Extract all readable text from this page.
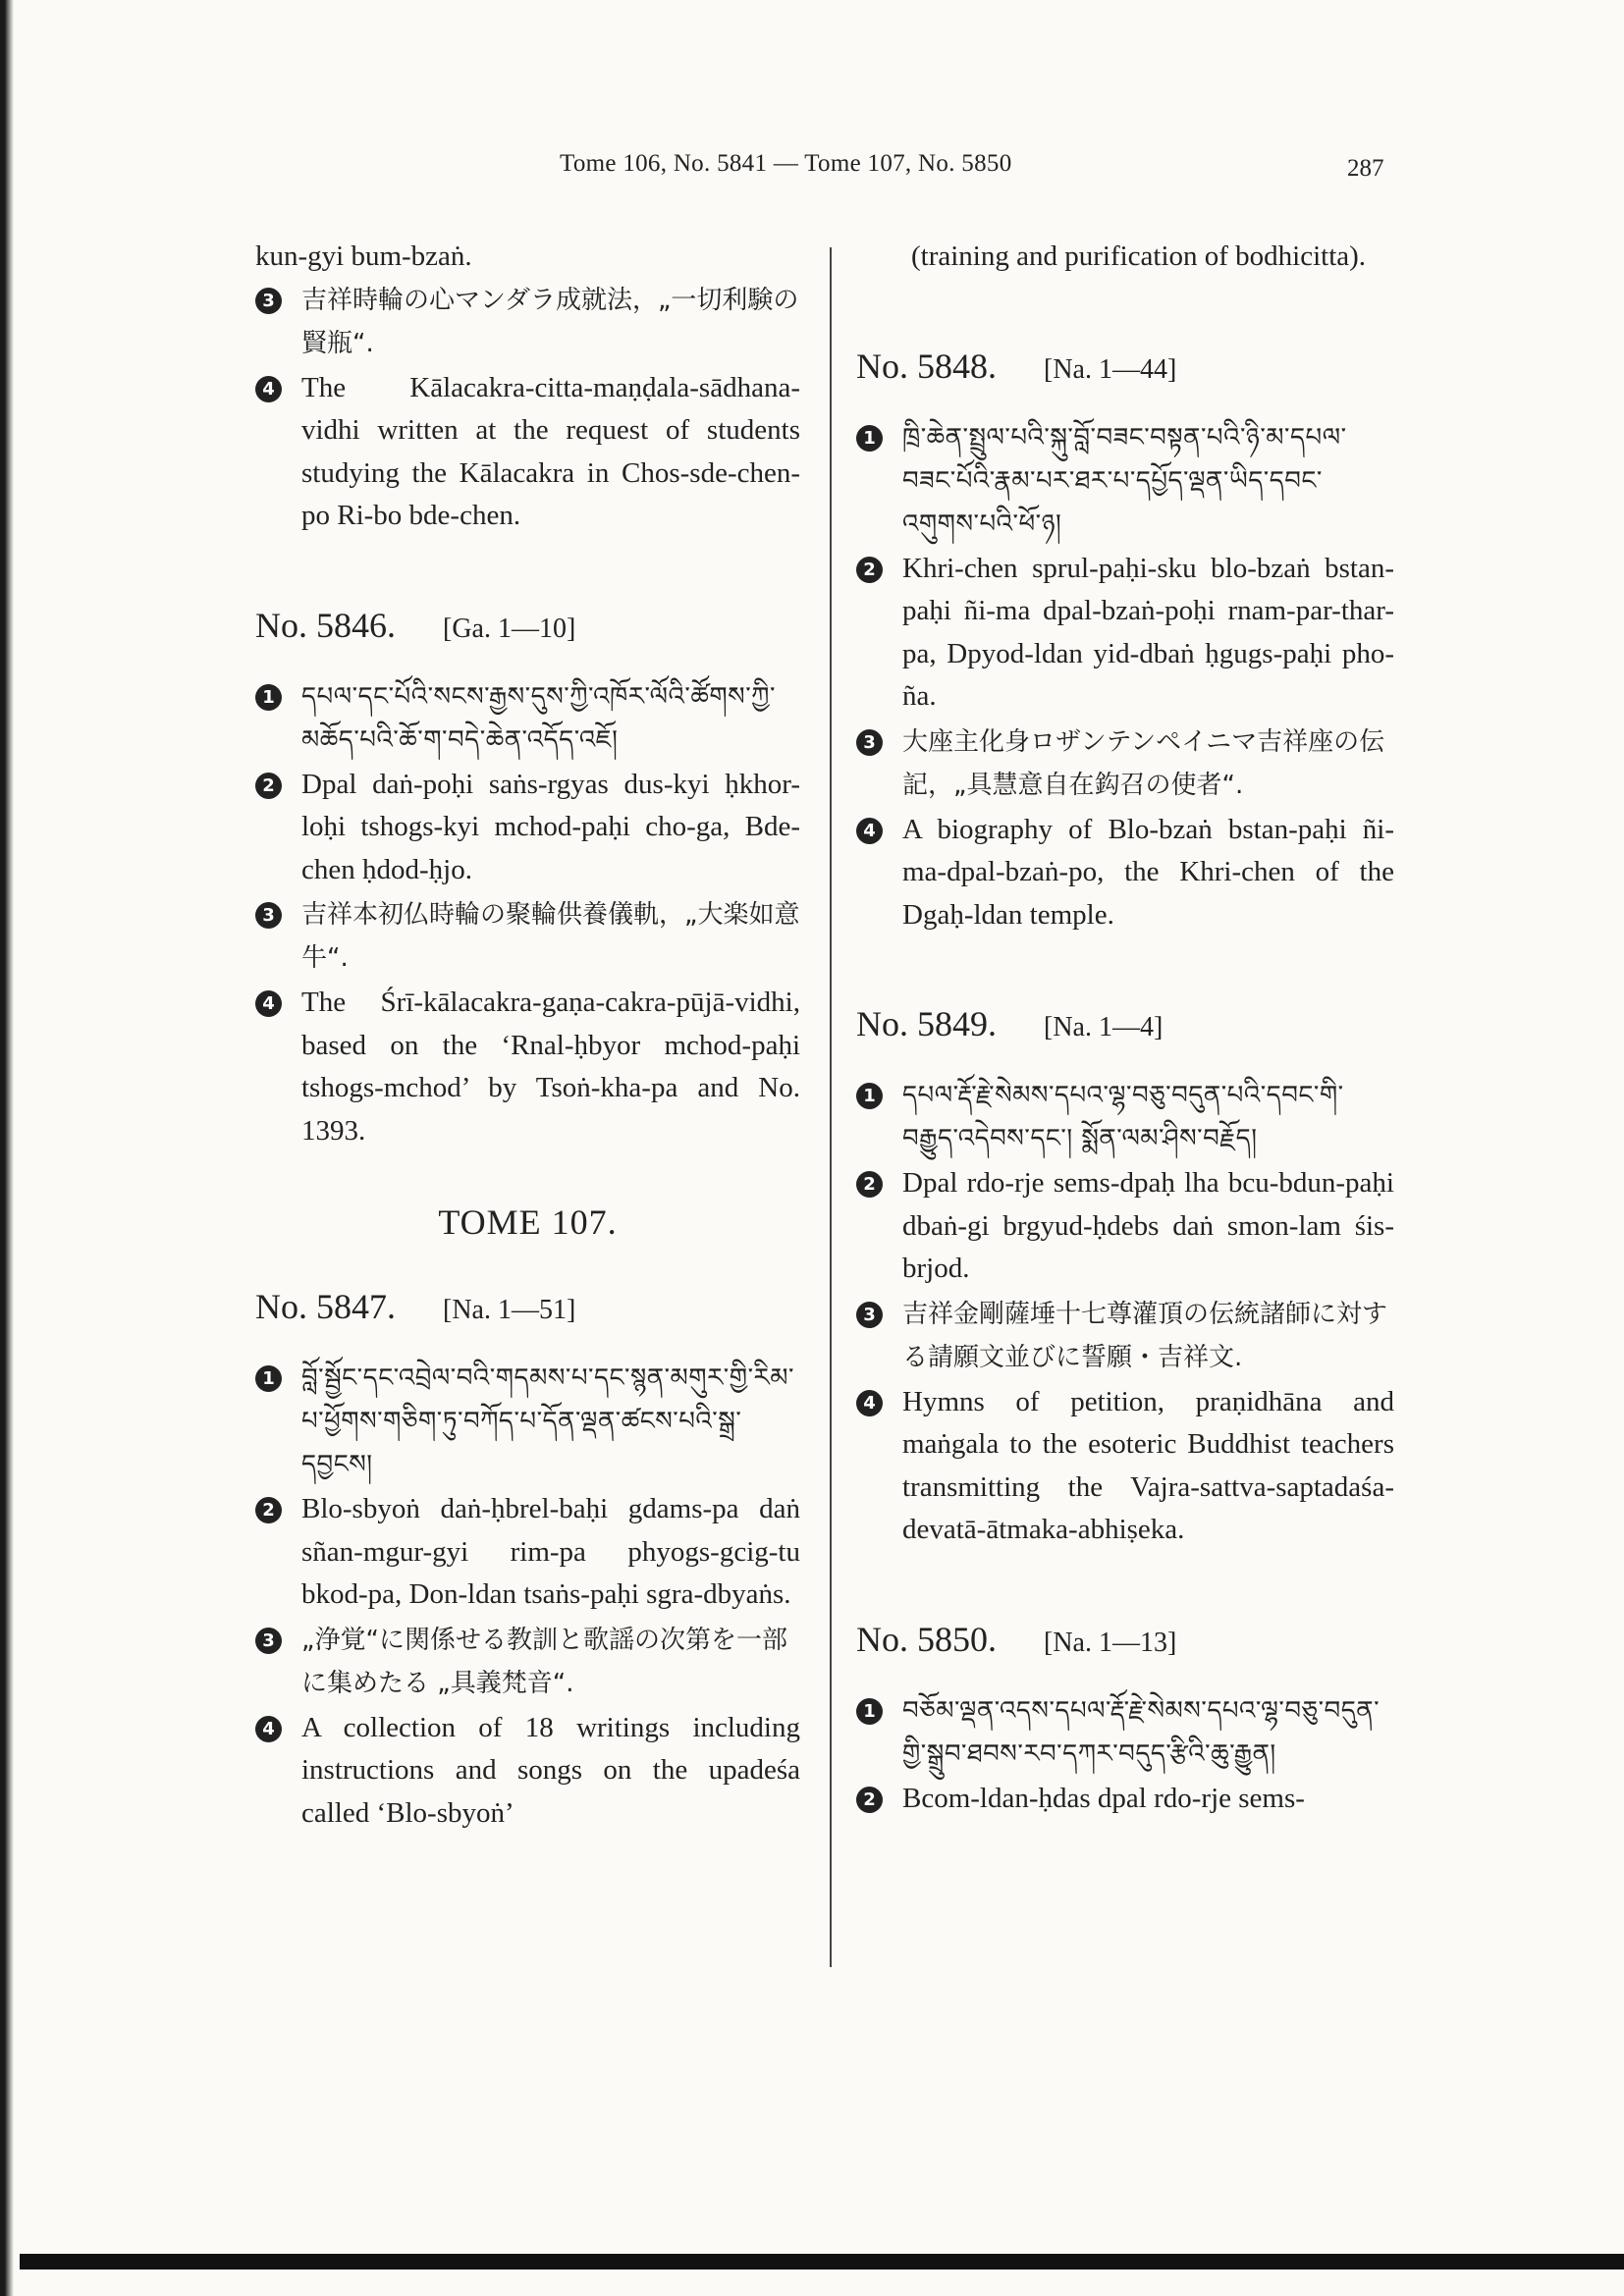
Tome 106, No. 5841 — Tome 107, No. 5850	287
kun-gyi bum-bzaṅ.
3 吉祥時輪の心マンダラ成就法，„一切利験の賢瓶“.
4 The Kālacakra-citta-maṇḍala-sādhana-vidhi written at the request of students studying the Kālacakra in Chos-sde-chen-po Ri-bo bde-chen.
No. 5846. [Ga. 1—10]
1 དཔལ་དང་པོའི་སངས་རྒྱས་དུས་ཀྱི་འཁོར་ལོའི་ཚོགས་ཀྱི་མཆོད་པའི་ཆོ་ག་བདེ་ཆེན་འདོད་འཇོ།
2 Dpal daṅ-poḥi saṅs-rgyas dus-kyi ḥkhor-loḥi tshogs-kyi mchod-paḥi cho-ga, Bde-chen ḥdod-ḥjo.
3 吉祥本初仏時輪の聚輪供養儀軌，„大楽如意牛“.
4 The Śrī-kālacakra-gaṇa-cakra-pūjā-vidhi, based on the ‘Rnal-ḥbyor mchod-paḥi tshogs-mchod’ by Tsoṅ-kha-pa and No. 1393.
TOME 107.
No. 5847. [Na. 1—51]
1 བློ་སྦྱོང་དང་འབྲེལ་བའི་གདམས་པ་དང་སྙན་མགུར་གྱི་རིམ་པ་ཕྱོགས་གཅིག་ཏུ་བཀོད་པ་དོན་ལྡན་ཚངས་པའི་སྒྲ་དབྱངས།
2 Blo-sbyoṅ daṅ-ḥbrel-baḥi gdams-pa daṅ sñan-mgur-gyi rim-pa phyogs-gcig-tu bkod-pa, Don-ldan tsaṅs-paḥi sgra-dbyaṅs.
3 „浄覚“に関係せる教訓と歌謡の次第を一部に集めたる „具義梵音“.
4 A collection of 18 writings including instructions and songs on the upadeśa called ‘Blo-sbyoṅ’
(training and purification of bodhicitta).
No. 5848. [Na. 1—44]
1 ཁྲི་ཆེན་སྤྲུལ་པའི་སྐུ་བློ་བཟང་བསྟན་པའི་ཉི་མ་དཔལ་བཟང་པོའི་རྣམ་པར་ཐར་པ་དཔྱོད་ལྡན་ཡིད་དབང་འགུགས་པའི་ཕོ་ཉ།
2 Khri-chen sprul-paḥi-sku blo-bzaṅ bstan-paḥi ñi-ma dpal-bzaṅ-poḥi rnam-par-thar-pa, Dpyod-ldan yid-dbaṅ ḥgugs-paḥi pho-ña.
3 大座主化身ロザンテンペイニマ吉祥座の伝記，„具慧意自在鈎召の使者“.
4 A biography of Blo-bzaṅ bstan-paḥi ñi-ma-dpal-bzaṅ-po, the Khri-chen of the Dgaḥ-ldan temple.
No. 5849. [Na. 1—4]
1 དཔལ་རྡོ་རྗེ་སེམས་དཔའ་ལྷ་བཅུ་བདུན་པའི་དབང་གི་བརྒྱུད་འདེབས་དང་། སྨོན་ལམ་ཤིས་བརྗོད།
2 Dpal rdo-rje sems-dpaḥ lha bcu-bdun-paḥi dbaṅ-gi brgyud-ḥdebs daṅ smon-lam śis-brjod.
3 吉祥金剛薩埵十七尊灌頂の伝統諸師に対する請願文並びに誓願・吉祥文.
4 Hymns of petition, praṇidhāna and maṅgala to the esoteric Buddhist teachers transmitting the Vajra-sattva-saptadaśa-devatā-ātmaka-abhiṣeka.
No. 5850. [Na. 1—13]
1 བཅོམ་ལྡན་འདས་དཔལ་རྡོ་རྗེ་སེམས་དཔའ་ལྷ་བཅུ་བདུན་གྱི་སྒྲུབ་ཐབས་རབ་དཀར་བདུད་རྩིའི་ཆུ་རྒྱུན།
2 Bcom-ldan-ḥdas dpal rdo-rje sems-
